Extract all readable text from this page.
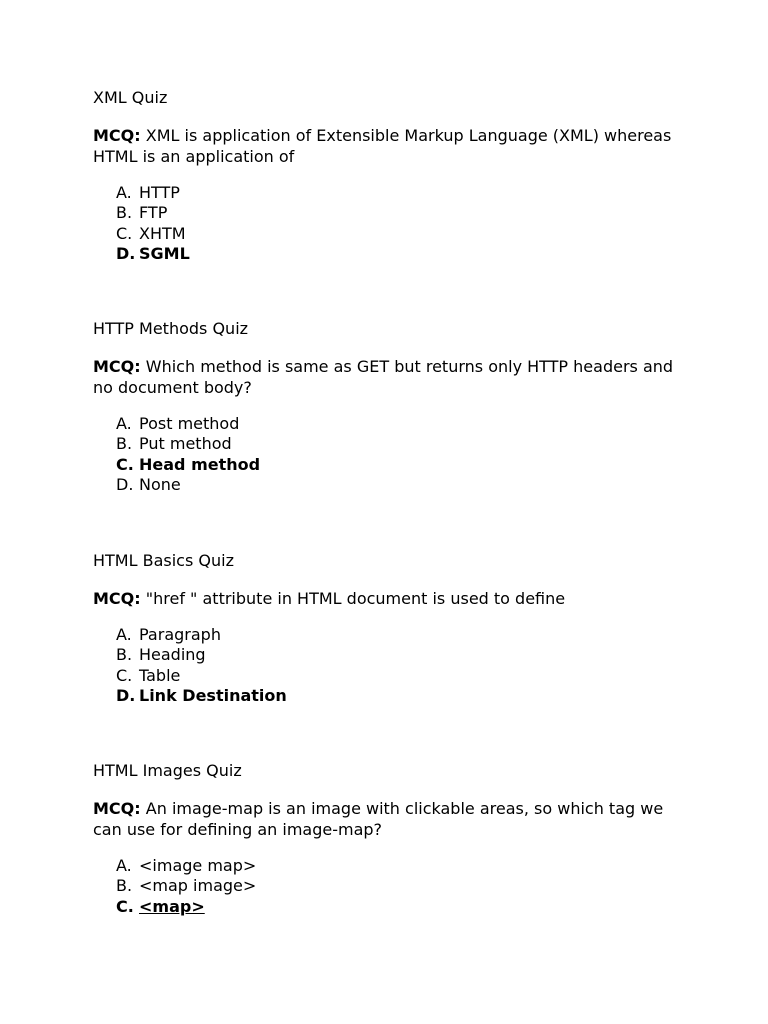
XML Quiz

MCQ: XML is application of Extensible Markup Language (XML) whereas HTML is an application of

A. HTTP
B. FTP
C. XHTM
D. SGML
HTTP Methods Quiz

MCQ: Which method is same as GET but returns only HTTP headers and no document body?

A. Post method
B. Put method
C. Head method
D. None
HTML Basics Quiz

MCQ: "href " attribute in HTML document is used to define

A. Paragraph
B. Heading
C. Table
D. Link Destination
HTML Images Quiz

MCQ: An image-map is an image with clickable areas, so which tag we can use for defining an image-map?

A. <image map>
B. <map image>
C. <map>
